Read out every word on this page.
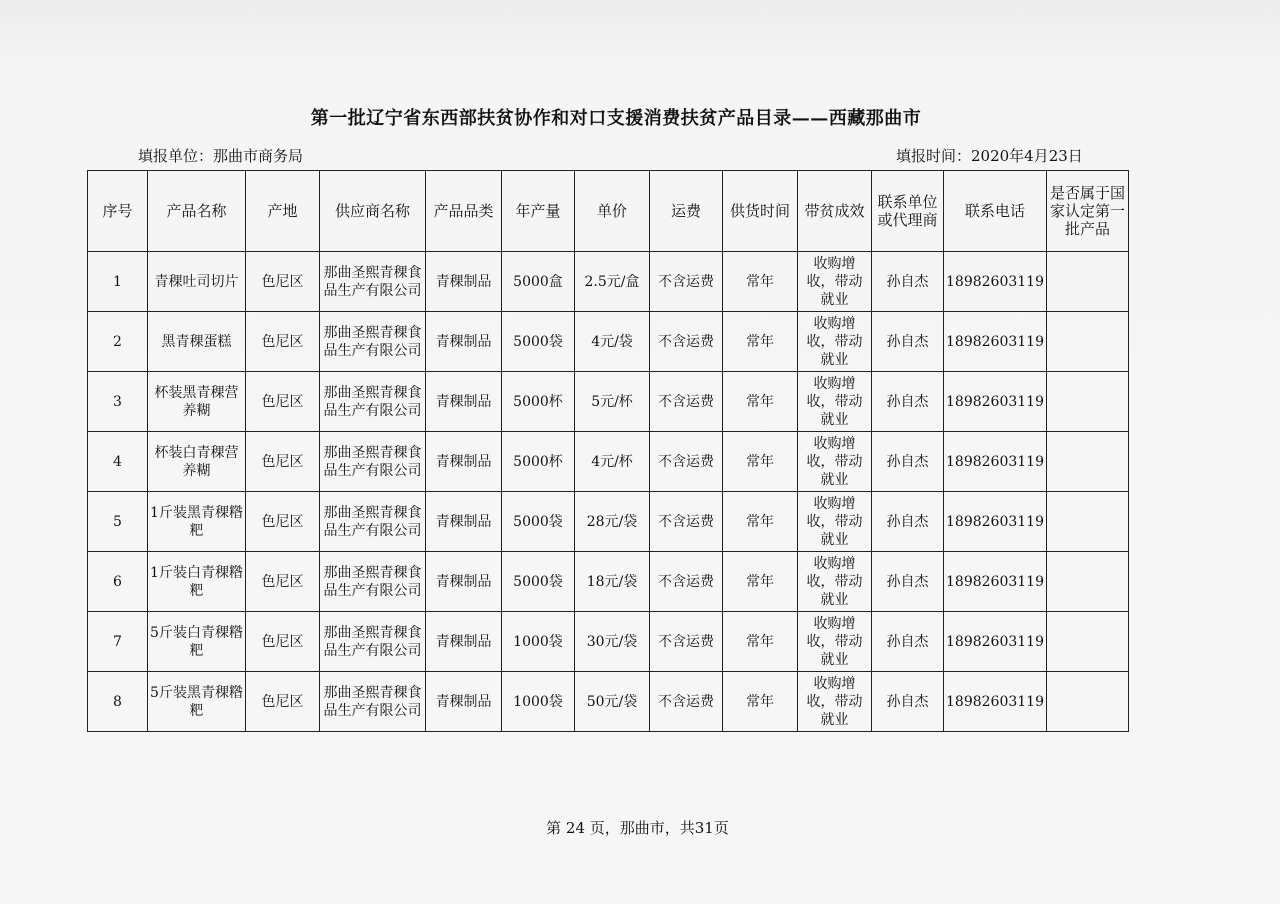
第一批辽宁省东西部扶贫协作和对口支援消费扶贫产品目录——西藏那曲市
填报单位：那曲市商务局	填报时间：2020年4月23日
序号	产品名称	产地	供应商名称	产品品类	年产量	单价	运费	供货时间	带贫成效	联系单位或代理商	联系电话	是否属于国家认定第一批产品
1	青稞吐司切片	色尼区	那曲圣熙青稞食品生产有限公司	青稞制品	5000盒	2.5元/盒	不含运费	常年	收购增收，带动就业	孙自杰	18982603119	
2	黑青稞蛋糕	色尼区	那曲圣熙青稞食品生产有限公司	青稞制品	5000袋	4元/袋	不含运费	常年	收购增收，带动就业	孙自杰	18982603119	
3	杯装黑青稞营养糊	色尼区	那曲圣熙青稞食品生产有限公司	青稞制品	5000杯	5元/杯	不含运费	常年	收购增收，带动就业	孙自杰	18982603119	
4	杯装白青稞营养糊	色尼区	那曲圣熙青稞食品生产有限公司	青稞制品	5000杯	4元/杯	不含运费	常年	收购增收，带动就业	孙自杰	18982603119	
5	1斤装黑青稞糌粑	色尼区	那曲圣熙青稞食品生产有限公司	青稞制品	5000袋	28元/袋	不含运费	常年	收购增收，带动就业	孙自杰	18982603119	
6	1斤装白青稞糌粑	色尼区	那曲圣熙青稞食品生产有限公司	青稞制品	5000袋	18元/袋	不含运费	常年	收购增收，带动就业	孙自杰	18982603119	
7	5斤装白青稞糌粑	色尼区	那曲圣熙青稞食品生产有限公司	青稞制品	1000袋	30元/袋	不含运费	常年	收购增收，带动就业	孙自杰	18982603119	
8	5斤装黑青稞糌粑	色尼区	那曲圣熙青稞食品生产有限公司	青稞制品	1000袋	50元/袋	不含运费	常年	收购增收，带动就业	孙自杰	18982603119	
第 24 页，那曲市，共31页
